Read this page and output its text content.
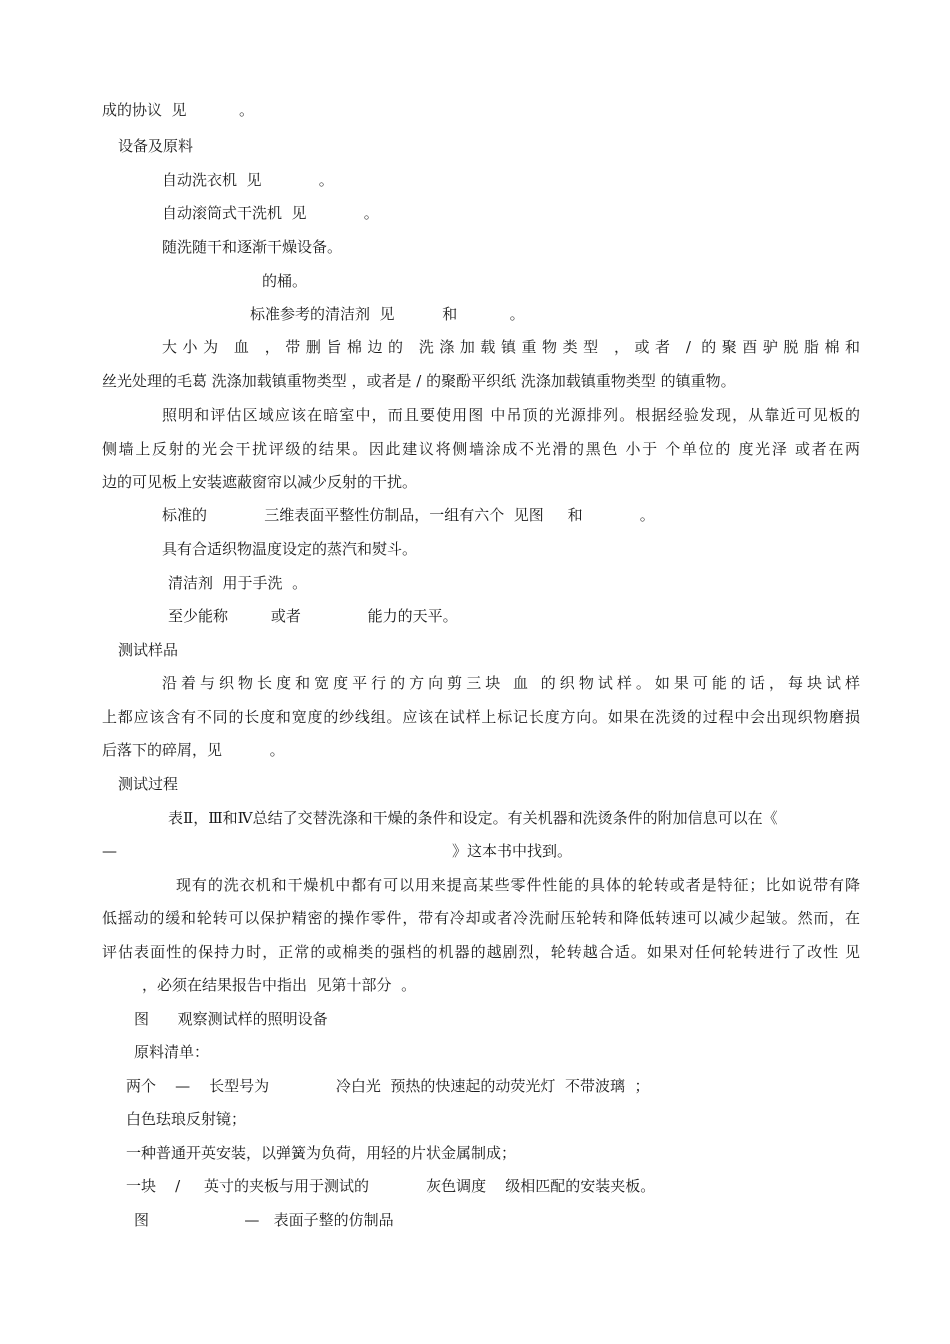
成的协议  见           。
设备及原料
自动洗衣机  见            。
自动滚筒式干洗机  见            。
随洗随干和逐渐干燥设备。
的桶。
标准参考的清洁剂  见          和           。
大小为 血 ，带删旨棉边的 洗涤加载镇重物类型 ，或者 / 的聚酉驴脱脂棉和
丝光处理的毛葛 洗涤加载镇重物类型 ，或者是 / 的聚酚平织纸 洗涤加载镇重物类型 的镇重物。
照明和评估区域应该在暗室中，而且要使用图 中吊顶的光源排列。根据经验发现，从靠近可见板的
侧墙上反射的光会干扰评级的结果。因此建议将侧墙涂成不光滑的黑色 小于 个单位的 度光泽 或者在两
边的可见板上安装遮蔽窗帘以减少反射的干扰。
标准的            三维表面平整性仿制品，一组有六个  见图     和            。
具有合适织物温度设定的蒸汽和熨斗。
清洁剂  用于手洗  。
至少能称         或者              能力的天平。
测试样品
沿着与织物长度和宽度平行的方向剪三块 血 的织物试样。如果可能的话，每块试样
上都应该含有不同的长度和宽度的纱线组。应该在试样上标记长度方向。如果在洗烫的过程中会出现织物磨损
后落下的碎屑，见          。
测试过程
表Ⅱ，Ⅲ和Ⅳ总结了交替洗涤和干燥的条件和设定。有关机器和洗烫条件的附加信息可以在《
—	》这本书中找到。
现有的洗衣机和干燥机中都有可以用来提高某些零件性能的具体的轮转或者是特征；比如说带有降
低摇动的缓和轮转可以保护精密的操作零件，带有冷却或者冷洗耐压轮转和降低转速可以减少起皱。然而，在
评估表面性的保持力时，正常的或棉类的强档的机器的越剧烈，轮转越合适。如果对任何轮转进行了改性 见
，必须在结果报告中指出  见第十部分  。
图      观察测试样的照明设备
原料清单：
两个    —    长型号为              冷白光  预热的快速起的动荧光灯  不带波璃  ；
白色珐琅反射镜；
一种普通开英安装，以弹簧为负荷，用轻的片状金属制成；
一块    /     英寸的夹板与用于测试的            灰色调度    级相匹配的安装夹板。
图                    —   表面子整的仿制品
